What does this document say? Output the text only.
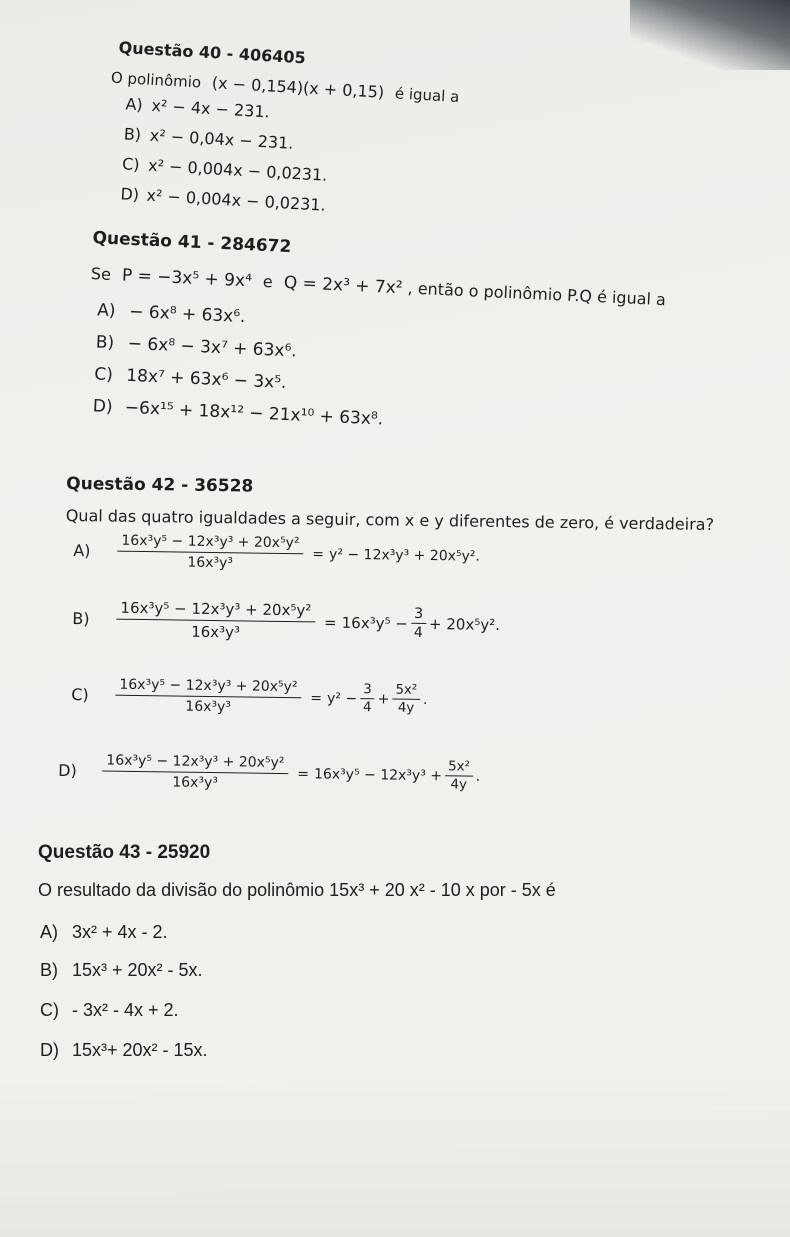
Questão 40 - 406405
O polinômio (x − 0,154)(x + 0,15) é igual a
A) x² − 4x − 231.
B) x² − 0,04x − 231.
C) x² − 0,004x − 0,0231.
D) x² − 0,004x − 0,0231.
Questão 41 - 284672
Se P = −3x⁵ + 9x⁴ e Q = 2x³ + 7x² , então o polinômio P.Q é igual a
A) − 6x⁸ + 63x⁶.
B) − 6x⁸ − 3x⁷ + 63x⁶.
C) 18x⁷ + 63x⁶ − 3x⁵.
D) −6x¹⁵ + 18x¹² − 21x¹⁰ + 63x⁸.
Questão 42 - 36528
Qual das quatro igualdades a seguir, com x e y diferentes de zero, é verdadeira?
A)	$\frac{\text{16x³y⁵ − 12x³y³ + 20x⁵y²}}{\text{16x³y³}} = y^2 - 12x^3y^3 + 20x^5y^2$.
B)	$\frac{\text{16x³y⁵ − 12x³y³ + 20x⁵y²}}{\text{16x³y³}} = 16x^3y^5 - \frac{3}{4} + 20x^5y^2$.
C)	$\frac{\text{16x³y⁵ − 12x³y³ + 20x⁵y²}}{\text{16x³y³}} = y^2 - \frac{3}{4} + \frac{\text{5x²}}{4y}$ .
D)	$\frac{\text{16x³y⁵ − 12x³y³ + 20x⁵y²}}{\text{16x³y³}} = 16x^3y^5 - 12x^3y^3 + \frac{\text{5x²}}{4y}$ .
Questão 43 - 25920
O resultado da divisão do polinômio 15x³ + 20 x² - 10 x por - 5x é
A) 3x² + 4x - 2.
B) 15x³ + 20x² - 5x.
C) - 3x² - 4x + 2.
D) 15x³+ 20x² - 15x.
